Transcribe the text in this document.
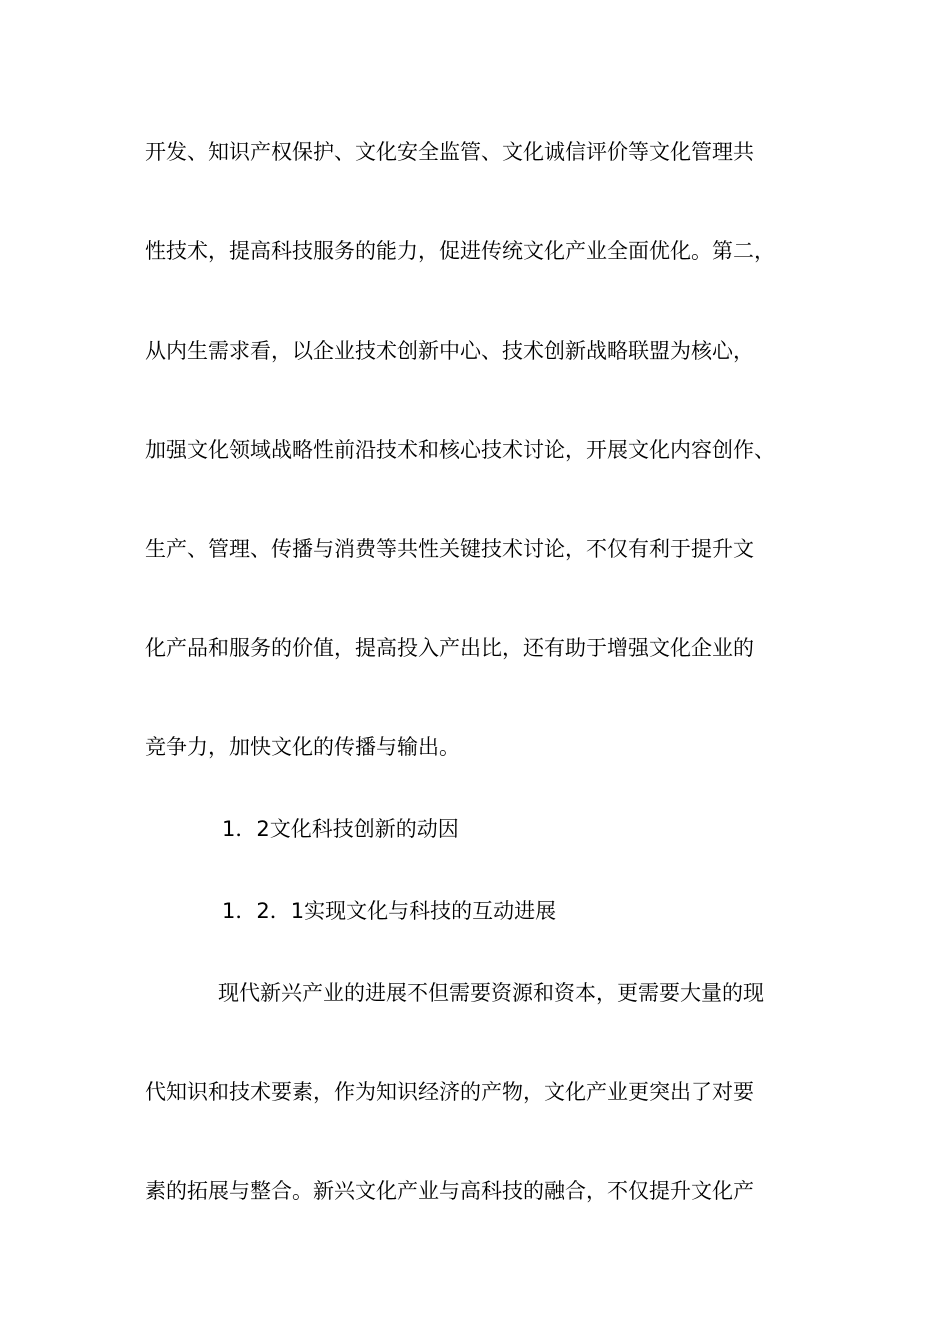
开发、知识产权保护、文化安全监管、文化诚信评价等文化管理共
性技术，提高科技服务的能力，促进传统文化产业全面优化。第二，
从内生需求看，以企业技术创新中心、技术创新战略联盟为核心，
加强文化领域战略性前沿技术和核心技术讨论，开展文化内容创作、
生产、管理、传播与消费等共性关键技术讨论，不仅有利于提升文
化产品和服务的价值，提高投入产出比，还有助于增强文化企业的
竞争力，加快文化的传播与输出。
1．2文化科技创新的动因
1．2．1实现文化与科技的互动进展
现代新兴产业的进展不但需要资源和资本，更需要大量的现
代知识和技术要素，作为知识经济的产物，文化产业更突出了对要
素的拓展与整合。新兴文化产业与高科技的融合，不仅提升文化产
